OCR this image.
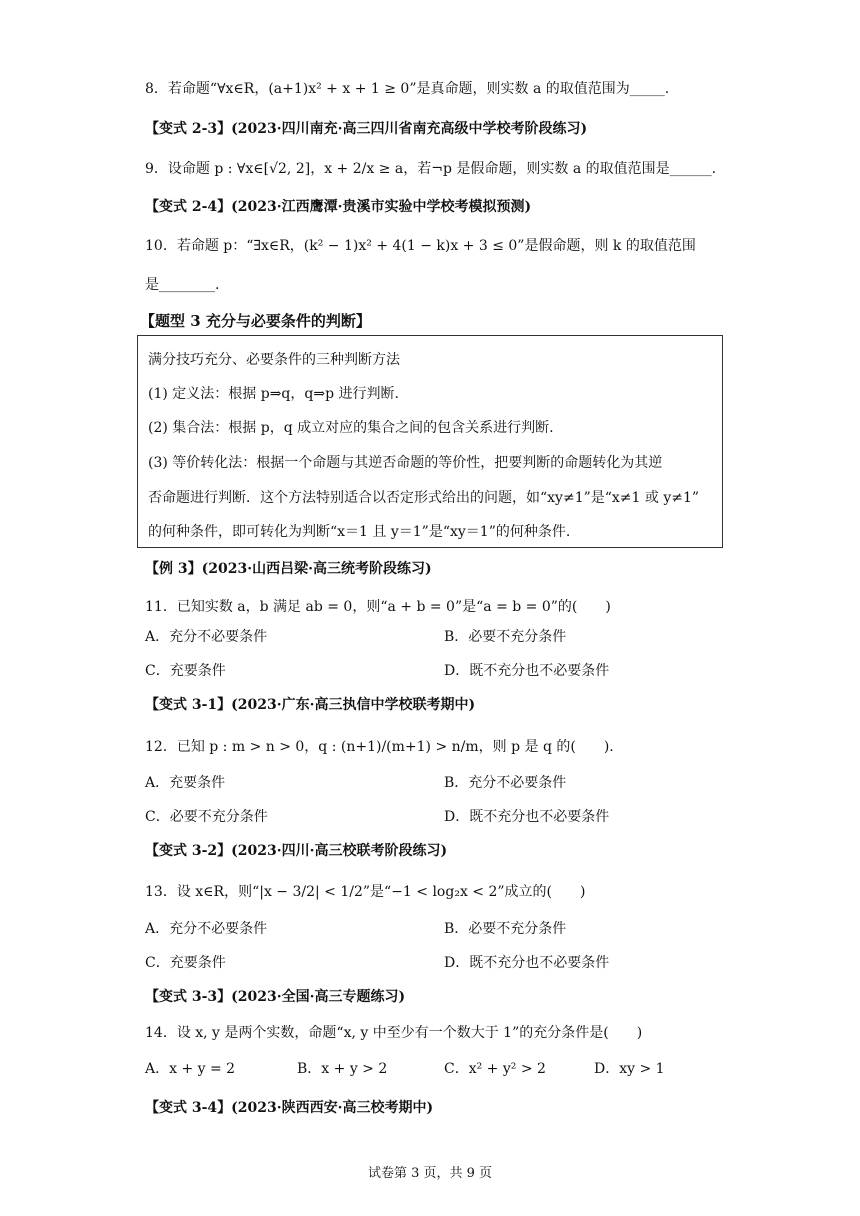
8．若命题“∀x∈R，(a+1)x² + x + 1 ≥ 0”是真命题，则实数 a 的取值范围为_____.
【变式 2-3】(2023·四川南充·高三四川省南充高级中学校考阶段练习)
9．设命题 p : ∀x∈[√2, 2]，x + 2/x ≥ a，若¬p 是假命题，则实数 a 的取值范围是______.
【变式 2-4】(2023·江西鹰潭·贵溪市实验中学校考模拟预测)
10．若命题 p：“∃x∈R，(k² − 1)x² + 4(1 − k)x + 3 ≤ 0”是假命题，则 k 的取值范围
是________.
【题型 3 充分与必要条件的判断】
满分技巧充分、必要条件的三种判断方法
(1) 定义法：根据 p⇒q，q⇒p 进行判断.
(2) 集合法：根据 p，q 成立对应的集合之间的包含关系进行判断.
(3) 等价转化法：根据一个命题与其逆否命题的等价性，把要判断的命题转化为其逆
否命题进行判断．这个方法特别适合以否定形式给出的问题，如“xy≠1”是“x≠1 或 y≠1”
的何种条件，即可转化为判断“x＝1 且 y＝1”是“xy＝1”的何种条件.
【例 3】(2023·山西吕梁·高三统考阶段练习)
11．已知实数 a，b 满足 ab = 0，则“a + b = 0”是“a = b = 0”的(　　)
A．充分不必要条件	B．必要不充分条件
C．充要条件	D．既不充分也不必要条件
【变式 3-1】(2023·广东·高三执信中学校联考期中)
12．已知 p : m > n > 0，q : (n+1)/(m+1) > n/m，则 p 是 q 的(　　).
A．充要条件	B．充分不必要条件
C．必要不充分条件	D．既不充分也不必要条件
【变式 3-2】(2023·四川·高三校联考阶段练习)
13．设 x∈R，则“|x − 3/2| < 1/2”是“−1 < log₂x < 2”成立的(　　)
A．充分不必要条件	B．必要不充分条件
C．充要条件	D．既不充分也不必要条件
【变式 3-3】(2023·全国·高三专题练习)
14．设 x, y 是两个实数，命题“x, y 中至少有一个数大于 1”的充分条件是(　　)
A．x + y = 2	B．x + y > 2	C．x² + y² > 2	D．xy > 1
【变式 3-4】(2023·陕西西安·高三校考期中)
试卷第 3 页，共 9 页
